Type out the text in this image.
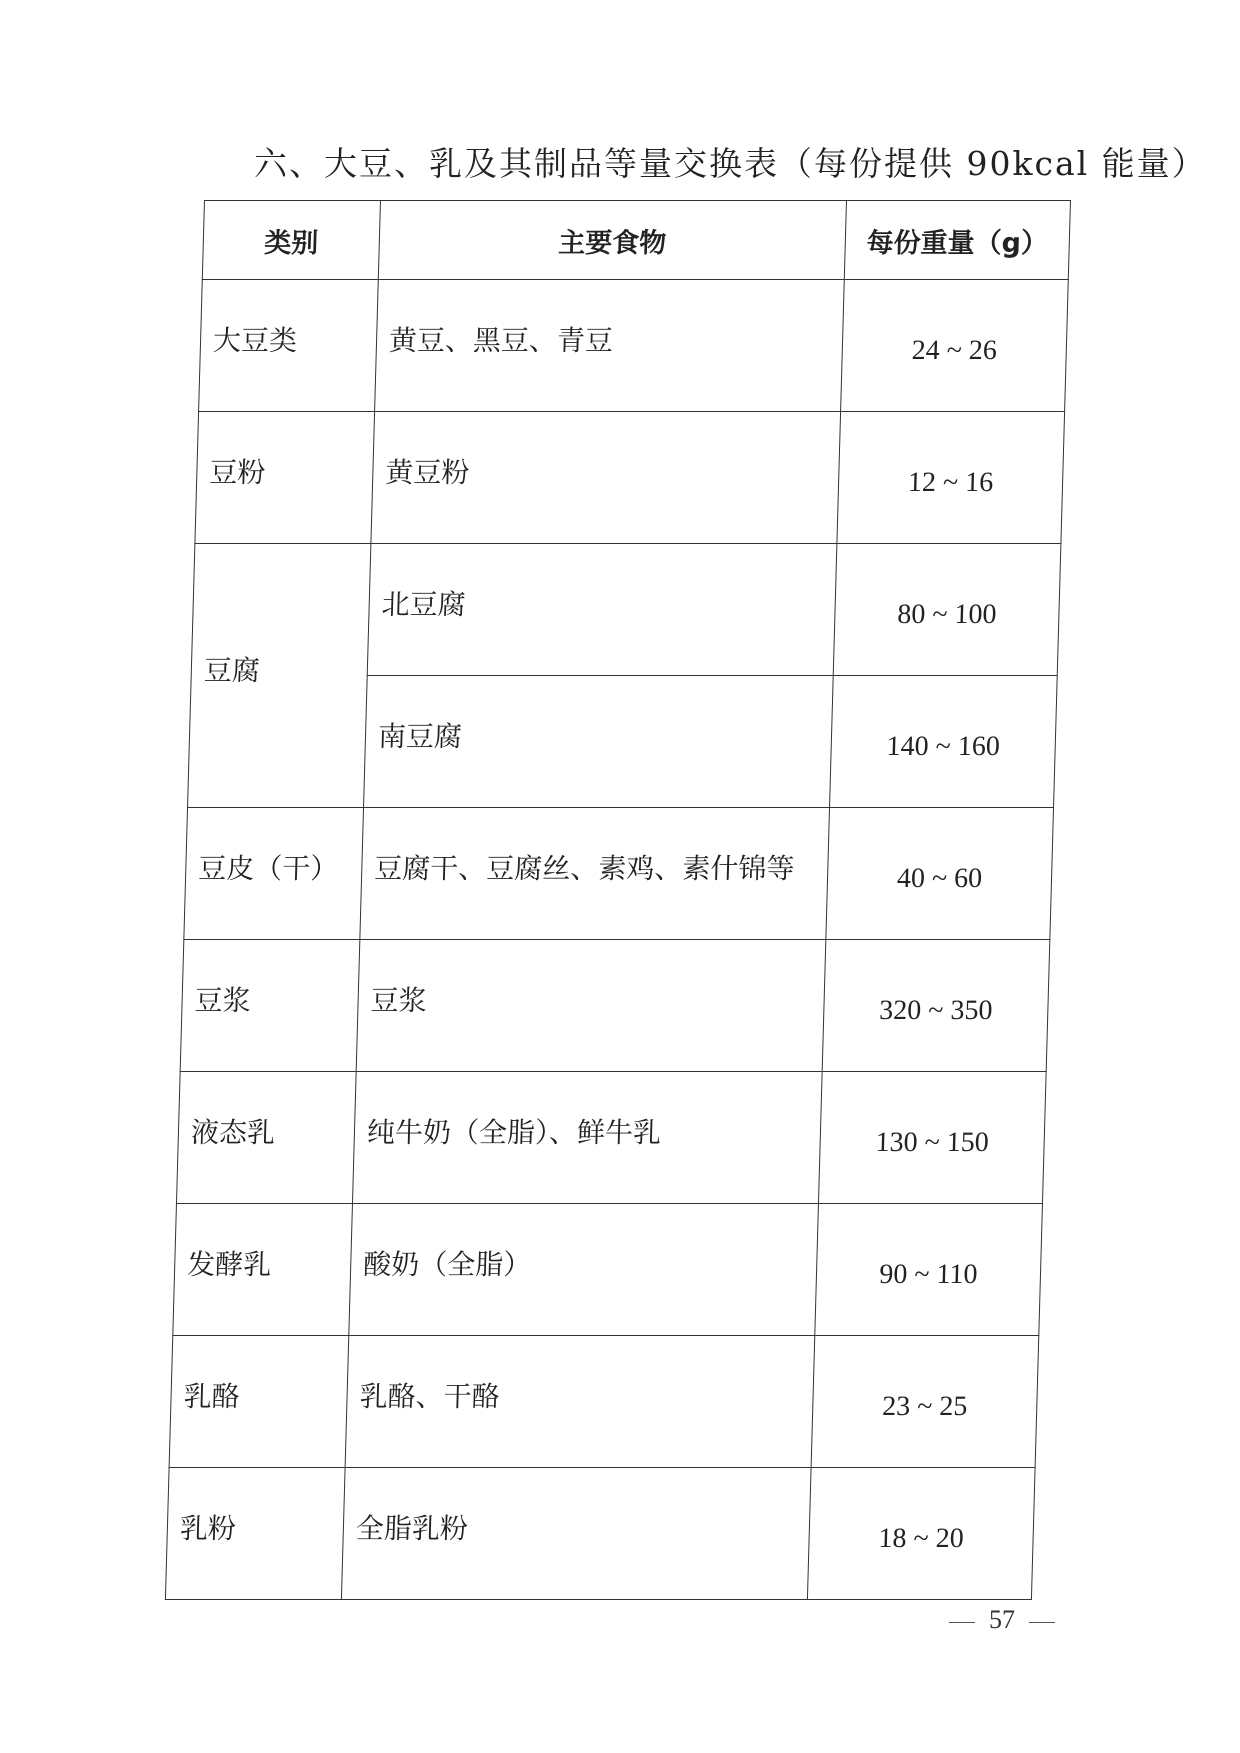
六、大豆、乳及其制品等量交换表（每份提供 90kcal 能量）
类别	主要食物	每份重量（g）
大豆类	黄豆、黑豆、青豆	24 ~ 26
豆粉	黄豆粉	12 ~ 16
豆腐	北豆腐	80 ~ 100
	南豆腐	140 ~ 160
豆皮（干）	豆腐干、豆腐丝、素鸡、素什锦等	40 ~ 60
豆浆	豆浆	320 ~ 350
液态乳	纯牛奶（全脂）、鲜牛乳	130 ~ 150
发酵乳	酸奶（全脂）	90 ~ 110
乳酪	乳酪、干酪	23 ~ 25
乳粉	全脂乳粉	18 ~ 20
57
